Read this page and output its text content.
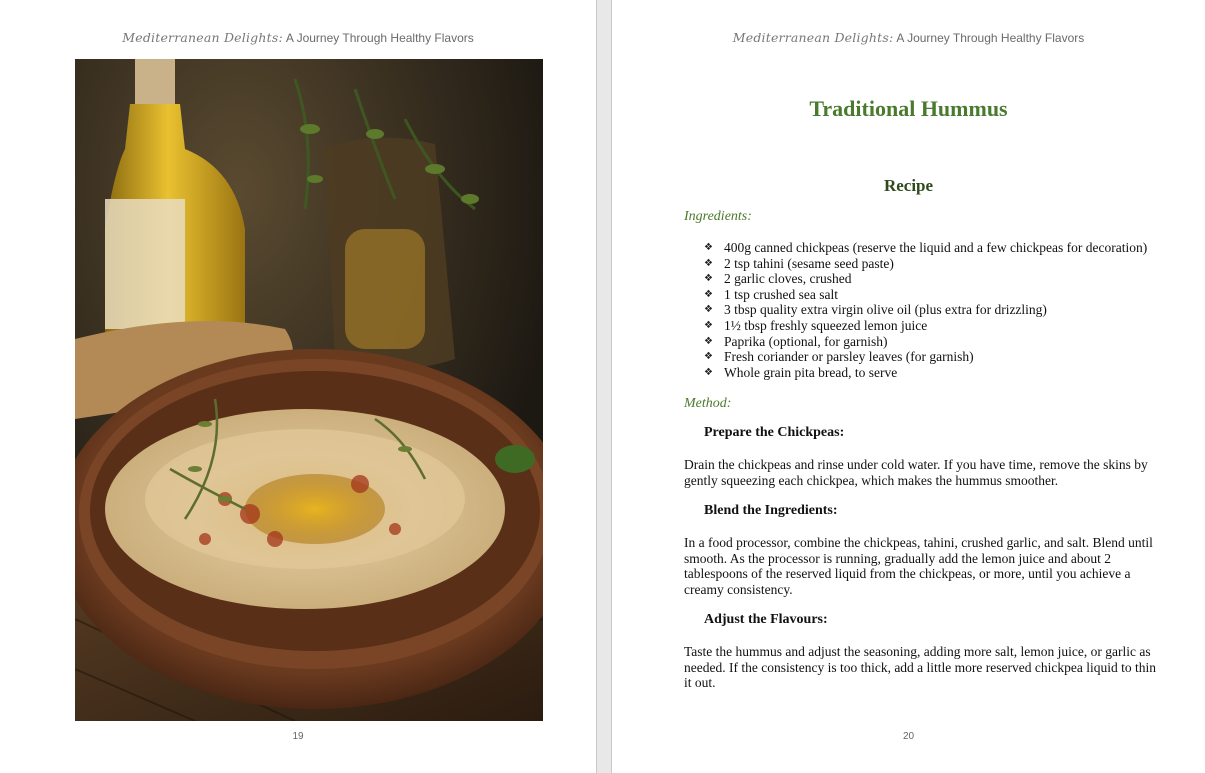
Mediterranean Delights: A Journey Through Healthy Flavors
19
Mediterranean Delights: A Journey Through Healthy Flavors
Traditional Hummus
Recipe
Ingredients:
❖ 400g canned chickpeas (reserve the liquid and a few chickpeas for decoration)
❖ 2 tsp tahini (sesame seed paste)
❖ 2 garlic cloves, crushed
❖ 1 tsp crushed sea salt
❖ 3 tbsp quality extra virgin olive oil (plus extra for drizzling)
❖ 1½ tbsp freshly squeezed lemon juice
❖ Paprika (optional, for garnish)
❖ Fresh coriander or parsley leaves (for garnish)
❖ Whole grain pita bread, to serve
Method:
Prepare the Chickpeas:

Drain the chickpeas and rinse under cold water. If you have time, remove the skins by gently squeezing each chickpea, which makes the hummus smoother.

Blend the Ingredients:

In a food processor, combine the chickpeas, tahini, crushed garlic, and salt. Blend until smooth. As the processor is running, gradually add the lemon juice and about 2 tablespoons of the reserved liquid from the chickpeas, or more, until you achieve a creamy consistency.

Adjust the Flavours:

Taste the hummus and adjust the seasoning, adding more salt, lemon juice, or garlic as needed. If the consistency is too thick, add a little more reserved chickpea liquid to thin it out.

20
